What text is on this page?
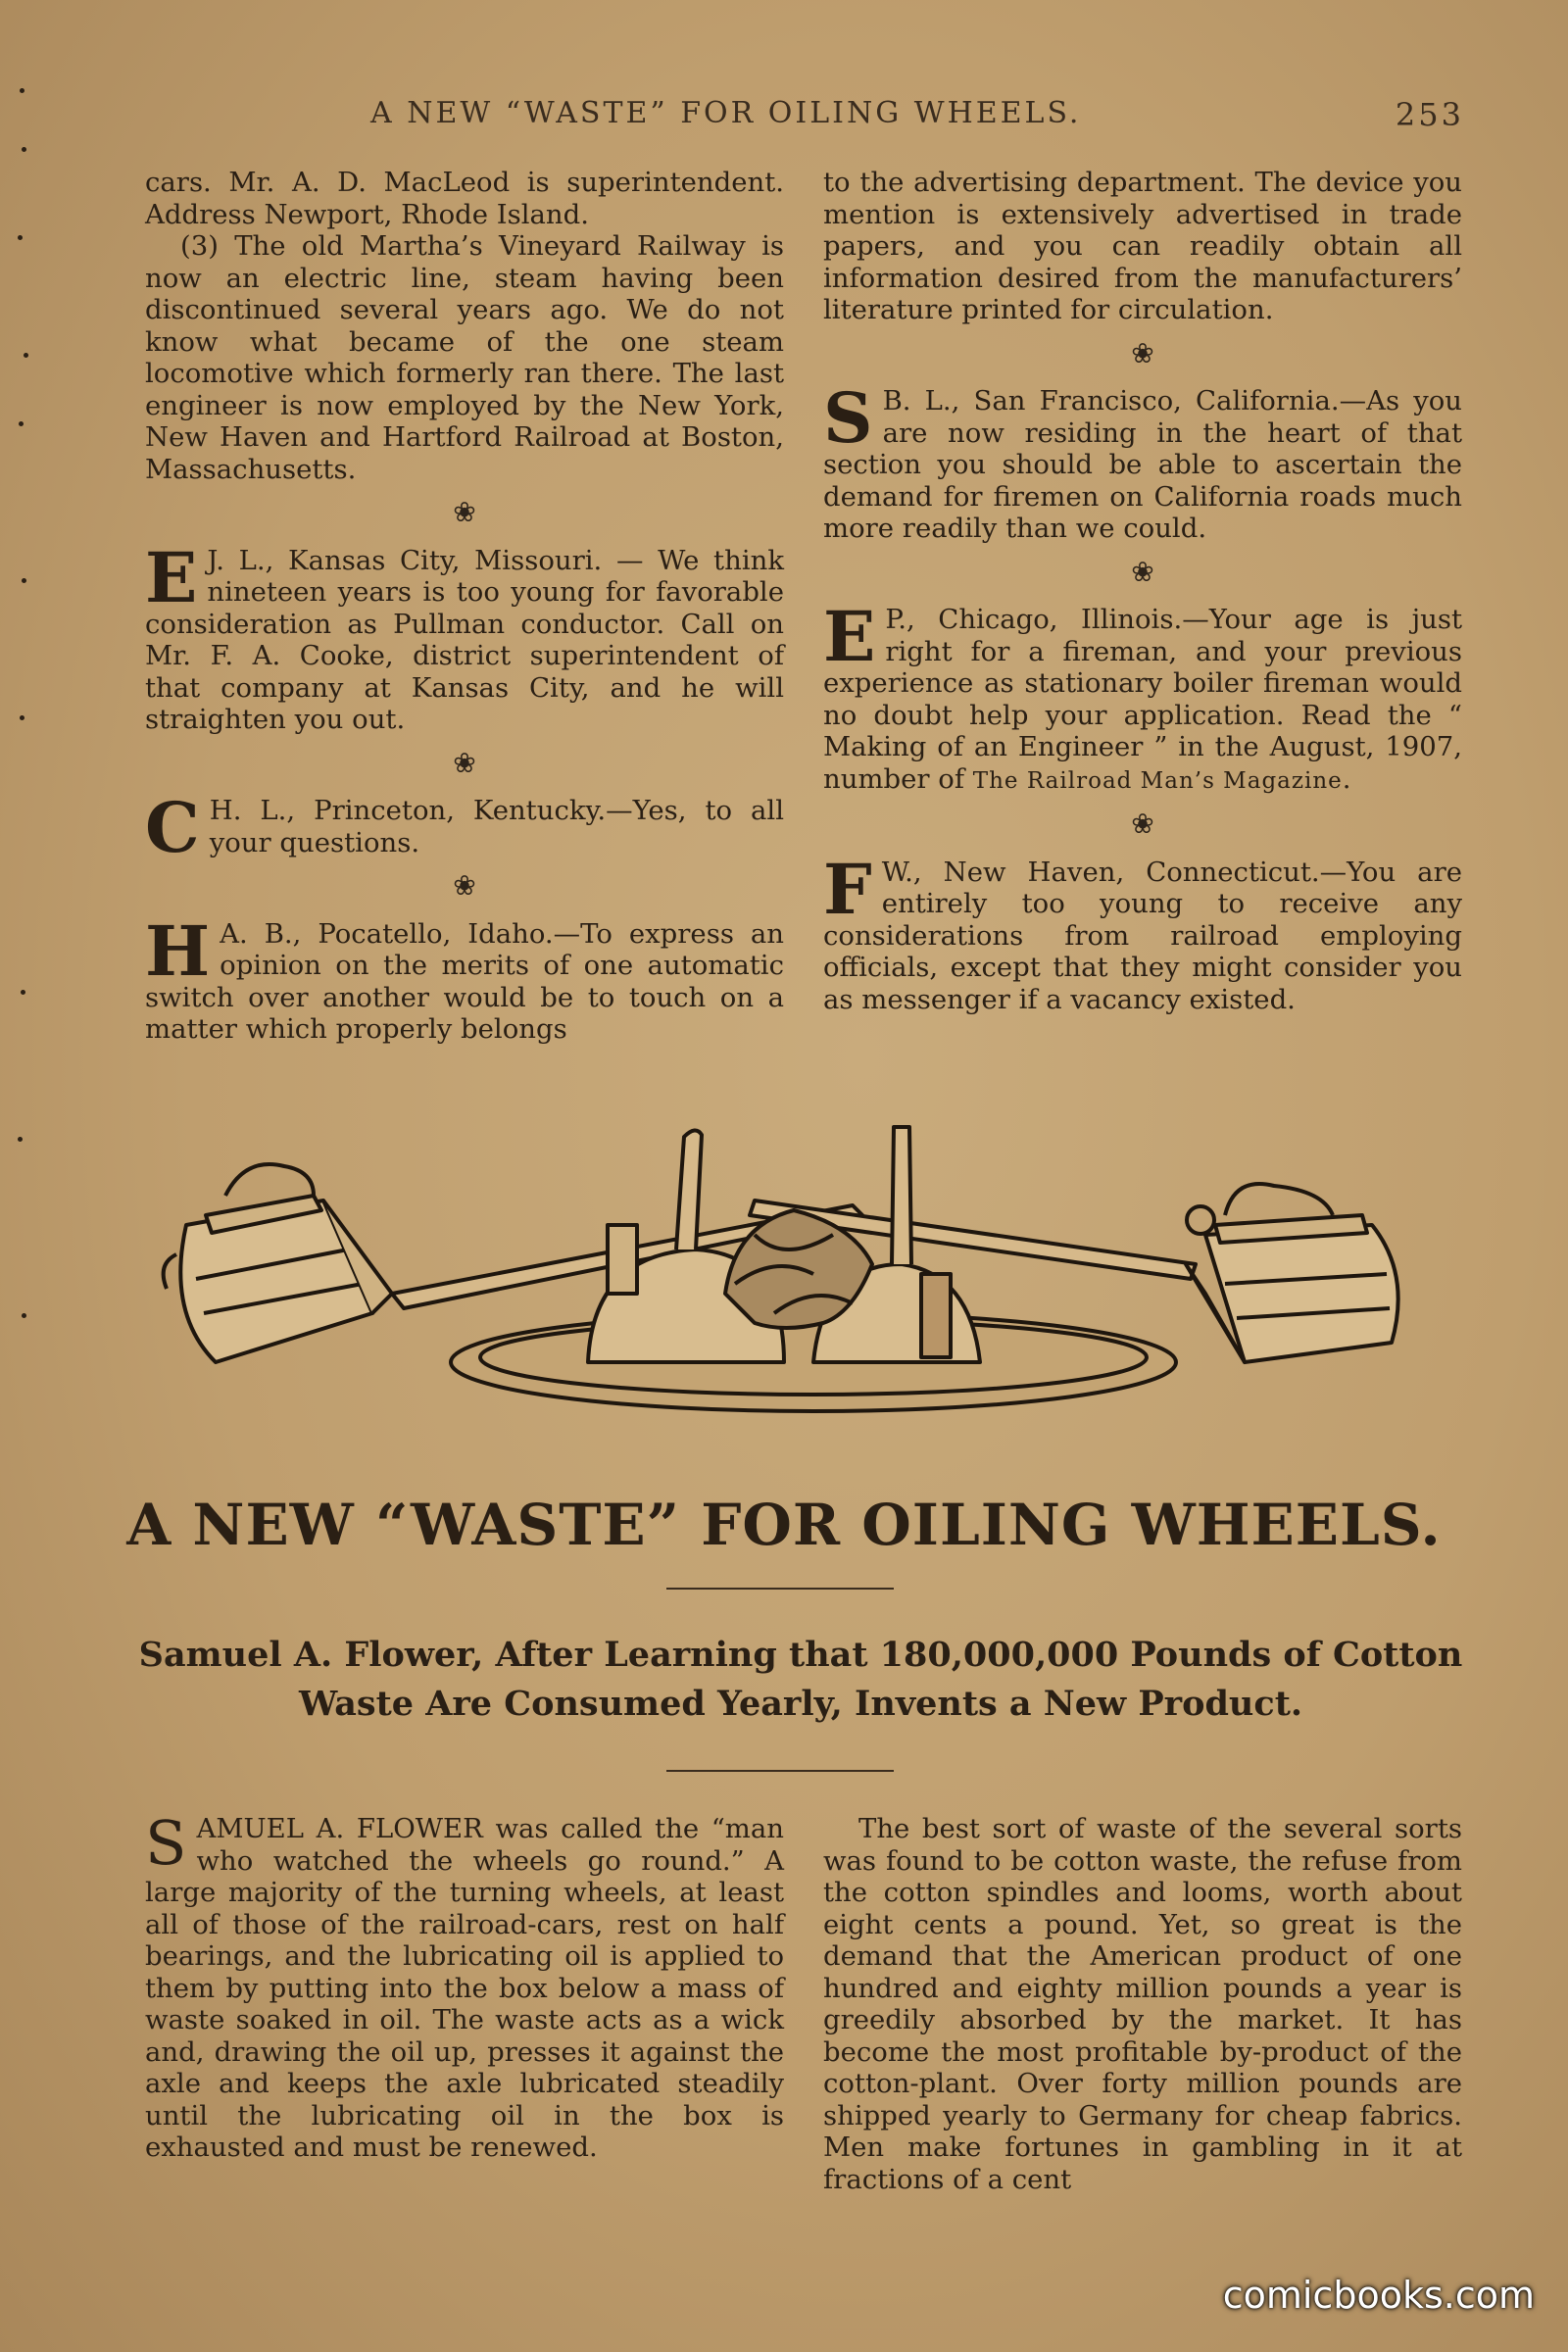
A NEW “WASTE” FOR OILING WHEELS.	253

cars. Mr. A. D. MacLeod is superintendent. Address Newport, Rhode Island.

(3) The old Martha’s Vineyard Railway is now an electric line, steam having been discontinued several years ago. We do not know what became of the one steam locomotive which formerly ran there. The last engineer is now employed by the New York, New Haven and Hartford Railroad at Boston, Massachusetts.

❀
E J. L., Kansas City, Missouri. — We think nineteen years is too young for favorable consideration as Pullman conductor. Call on Mr. F. A. Cooke, district superintendent of that company at Kansas City, and he will straighten you out.
❀
C H. L., Princeton, Kentucky.—Yes, to all your questions.
❀
H A. B., Pocatello, Idaho.—To express an opinion on the merits of one automatic switch over another would be to touch on a matter which properly belongs

to the advertising department. The device you mention is extensively advertised in trade papers, and you can readily obtain all information desired from the manufacturers’ literature printed for circulation.

❀
S B. L., San Francisco, California.—As you are now residing in the heart of that section you should be able to ascertain the demand for firemen on California roads much more readily than we could.
❀
E P., Chicago, Illinois.—Your age is just right for a fireman, and your previous experience as stationary boiler fireman would no doubt help your application. Read the “ Making of an Engineer ” in the August, 1907, number of The Railroad Man’s Magazine.
❀
F W., New Haven, Connecticut.—You are entirely too young to receive any considerations from railroad employing officials, except that they might consider you as messenger if a vacancy existed.
A NEW “WASTE” FOR OILING WHEELS.
Samuel A. Flower, After Learning that 180,000,000 Pounds of Cotton Waste Are Consumed Yearly, Invents a New Product.
S AMUEL A. FLOWER was called the “man who watched the wheels go round.” A large majority of the turning wheels, at least all of those of the railroad-cars, rest on half bearings, and the lubricating oil is applied to them by putting into the box below a mass of waste soaked in oil. The waste acts as a wick and, drawing the oil up, presses it against the axle and keeps the axle lubricated steadily until the lubricating oil in the box is exhausted and must be renewed.

The best sort of waste of the several sorts was found to be cotton waste, the refuse from the cotton spindles and looms, worth about eight cents a pound. Yet, so great is the demand that the American product of one hundred and eighty million pounds a year is greedily absorbed by the market. It has become the most profitable by-product of the cotton-plant. Over forty million pounds are shipped yearly to Germany for cheap fabrics. Men make fortunes in gambling in it at fractions of a cent

comicbooks.com
